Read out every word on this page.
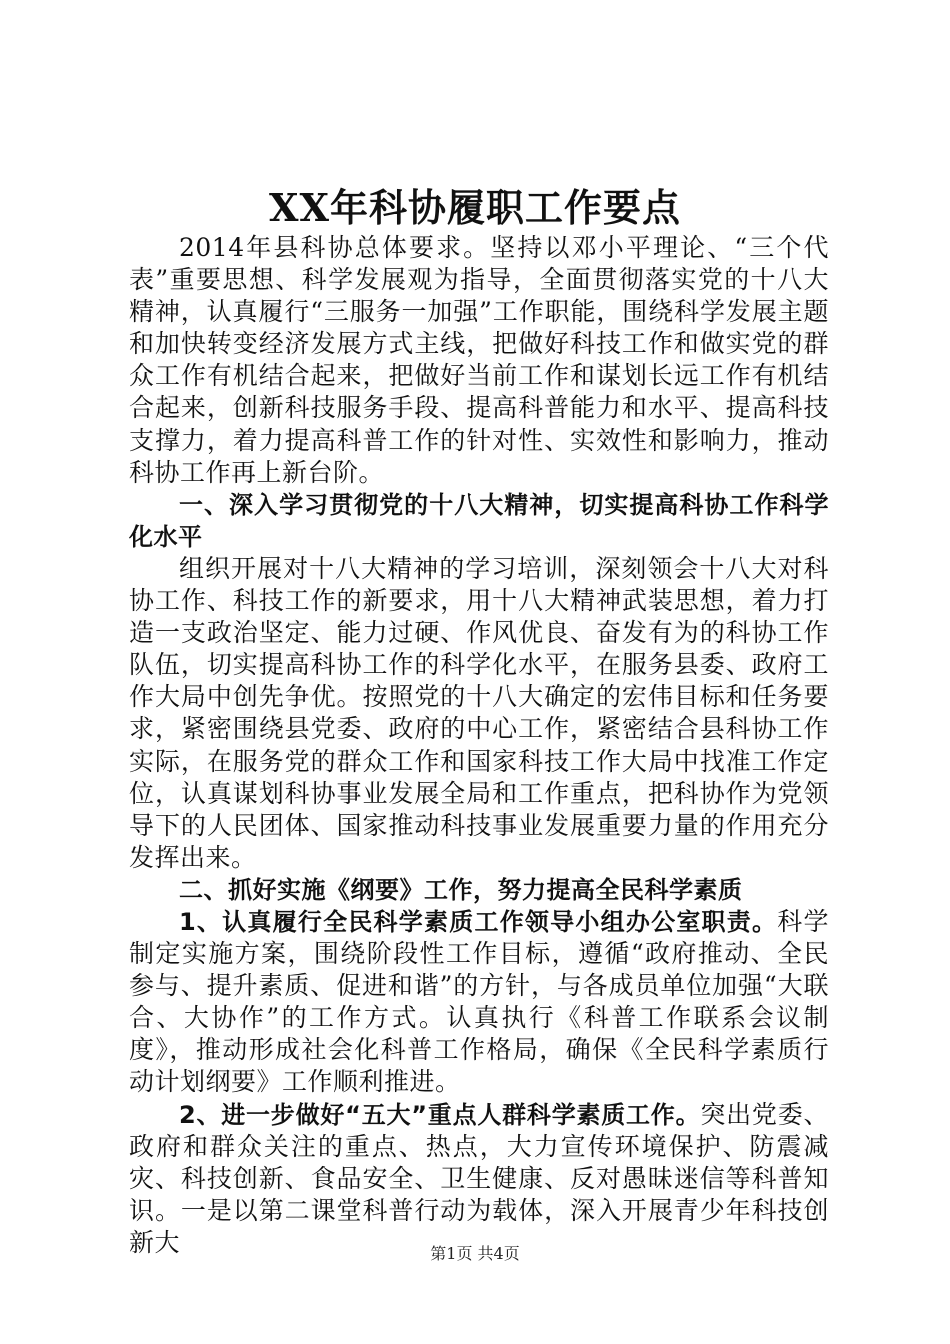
XX年科协履职工作要点

2014年县科协总体要求。坚持以邓小平理论、“三个代表”重要思想、科学发展观为指导，全面贯彻落实党的十八大精神，认真履行“三服务一加强”工作职能，围绕科学发展主题和加快转变经济发展方式主线，把做好科技工作和做实党的群众工作有机结合起来，把做好当前工作和谋划长远工作有机结合起来，创新科技服务手段、提高科普能力和水平、提高科技支撑力，着力提高科普工作的针对性、实效性和影响力，推动科协工作再上新台阶。

一、深入学习贯彻党的十八大精神，切实提高科协工作科学化水平

组织开展对十八大精神的学习培训，深刻领会十八大对科协工作、科技工作的新要求，用十八大精神武装思想，着力打造一支政治坚定、能力过硬、作风优良、奋发有为的科协工作队伍，切实提高科协工作的科学化水平，在服务县委、政府工作大局中创先争优。按照党的十八大确定的宏伟目标和任务要求，紧密围绕县党委、政府的中心工作，紧密结合县科协工作实际，在服务党的群众工作和国家科技工作大局中找准工作定位，认真谋划科协事业发展全局和工作重点，把科协作为党领导下的人民团体、国家推动科技事业发展重要力量的作用充分发挥出来。

二、抓好实施《纲要》工作，努力提高全民科学素质

1、认真履行全民科学素质工作领导小组办公室职责。科学制定实施方案，围绕阶段性工作目标，遵循“政府推动、全民参与、提升素质、促进和谐”的方针，与各成员单位加强“大联合、大协作”的工作方式。认真执行《科普工作联系会议制度》，推动形成社会化科普工作格局，确保《全民科学素质行动计划纲要》工作顺利推进。

2、进一步做好“五大”重点人群科学素质工作。突出党委、政府和群众关注的重点、热点，大力宣传环境保护、防震减灾、科技创新、食品安全、卫生健康、反对愚昧迷信等科普知识。一是以第二课堂科普行动为载体，深入开展青少年科技创新大	第1页 共4页
